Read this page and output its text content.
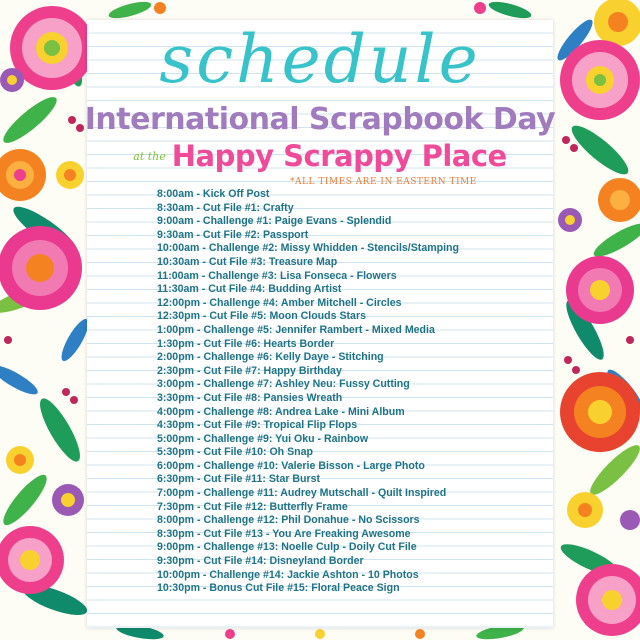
schedule
International Scrapbook Day
at the Happy Scrappy Place
*ALL TIMES ARE IN EASTERN TIME
8:00am - Kick Off Post
8:30am - Cut File #1: Crafty
9:00am - Challenge #1: Paige Evans - Splendid
9:30am - Cut File #2: Passport
10:00am - Challenge #2: Missy Whidden - Stencils/Stamping
10:30am - Cut File #3: Treasure Map
11:00am - Challenge #3: Lisa Fonseca - Flowers
11:30am - Cut File #4: Budding Artist
12:00pm - Challenge #4: Amber Mitchell - Circles
12:30pm - Cut File #5: Moon Clouds Stars
1:00pm - Challenge #5: Jennifer Rambert - Mixed Media
1:30pm - Cut File #6: Hearts Border
2:00pm - Challenge #6: Kelly Daye - Stitching
2:30pm - Cut File #7: Happy Birthday
3:00pm - Challenge #7: Ashley Neu: Fussy Cutting
3:30pm - Cut File #8: Pansies Wreath
4:00pm - Challenge #8: Andrea Lake - Mini Album
4:30pm - Cut File #9: Tropical Flip Flops
5:00pm - Challenge #9: Yui Oku - Rainbow
5:30pm - Cut File #10: Oh Snap
6:00pm - Challenge #10: Valerie Bisson - Large Photo
6:30pm - Cut File #11: Star Burst
7:00pm - Challenge #11: Audrey Mutschall - Quilt Inspired
7:30pm - Cut File #12: Butterfly Frame
8:00pm - Challenge #12: Phil Donahue - No Scissors
8:30pm - Cut File #13 - You Are Freaking Awesome
9:00pm - Challenge #13: Noelle Culp - Doily Cut File
9:30pm - Cut File #14: Disneyland Border
10:00pm - Challenge #14: Jackie Ashton - 10 Photos
10:30pm - Bonus Cut File #15: Floral Peace Sign
